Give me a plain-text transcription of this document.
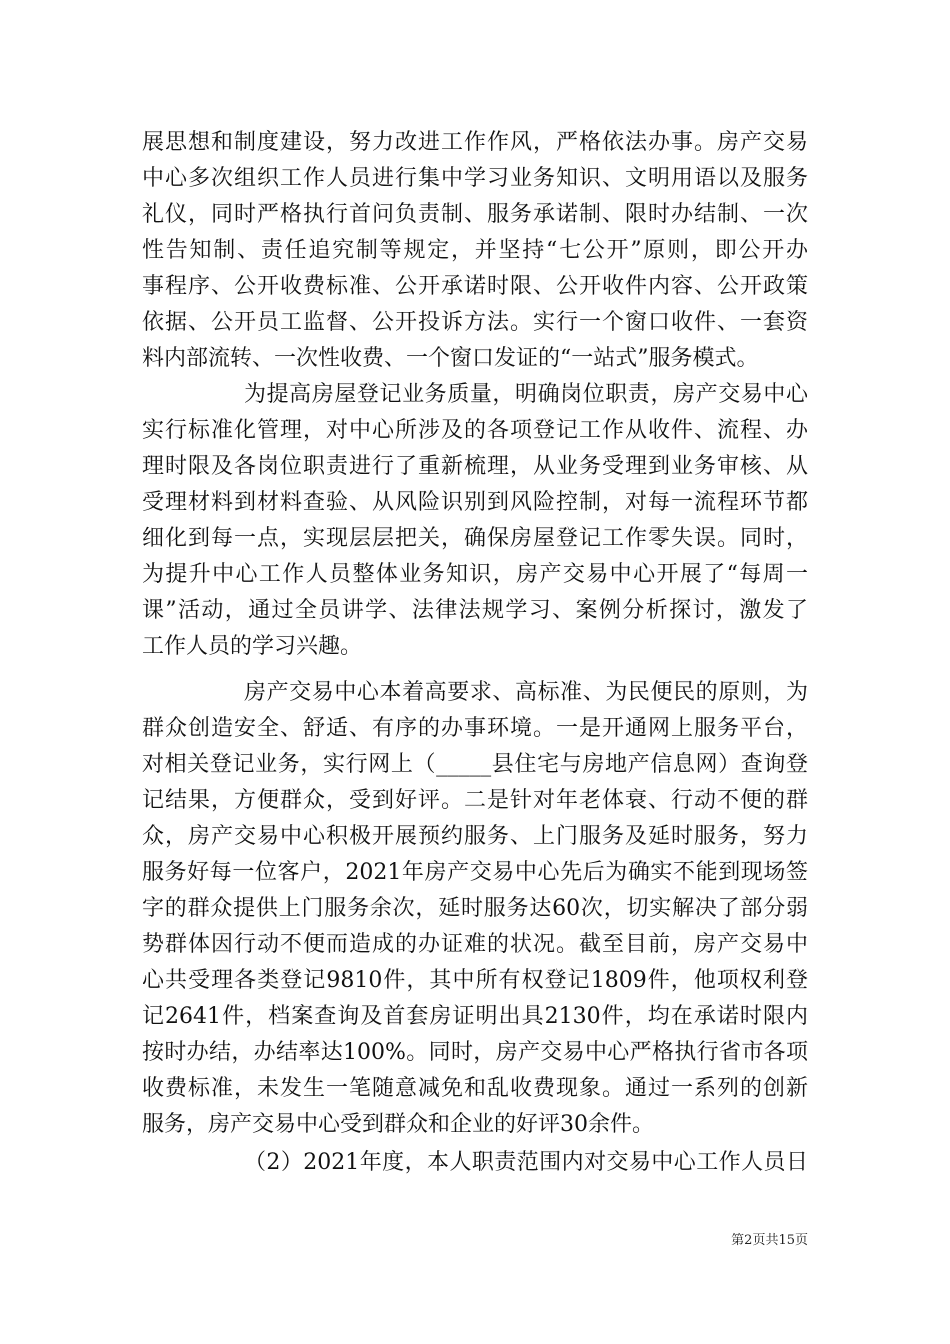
展思想和制度建设，努力改进工作作风，严格依法办事。房产交易
中心多次组织工作人员进行集中学习业务知识、文明用语以及服务
礼仪，同时严格执行首问负责制、服务承诺制、限时办结制、一次
性告知制、责任追究制等规定，并坚持“七公开”原则，即公开办
事程序、公开收费标准、公开承诺时限、公开收件内容、公开政策
依据、公开员工监督、公开投诉方法。实行一个窗口收件、一套资
料内部流转、一次性收费、一个窗口发证的“一站式”服务模式。
为提高房屋登记业务质量，明确岗位职责，房产交易中心
实行标准化管理，对中心所涉及的各项登记工作从收件、流程、办
理时限及各岗位职责进行了重新梳理，从业务受理到业务审核、从
受理材料到材料查验、从风险识别到风险控制，对每一流程环节都
细化到每一点，实现层层把关，确保房屋登记工作零失误。同时，
为提升中心工作人员整体业务知识，房产交易中心开展了“每周一
课”活动，通过全员讲学、法律法规学习、案例分析探讨，激发了
工作人员的学习兴趣。
房产交易中心本着高要求、高标准、为民便民的原则，为
群众创造安全、舒适、有序的办事环境。一是开通网上服务平台，
对相关登记业务，实行网上（_____县住宅与房地产信息网）查询登
记结果，方便群众，受到好评。二是针对年老体衰、行动不便的群
众，房产交易中心积极开展预约服务、上门服务及延时服务，努力
服务好每一位客户，2021年房产交易中心先后为确实不能到现场签
字的群众提供上门服务余次，延时服务达60次，切实解决了部分弱
势群体因行动不便而造成的办证难的状况。截至目前，房产交易中
心共受理各类登记9810件，其中所有权登记1809件，他项权利登
记2641件，档案查询及首套房证明出具2130件，均在承诺时限内
按时办结，办结率达100%。同时，房产交易中心严格执行省市各项
收费标准，未发生一笔随意减免和乱收费现象。通过一系列的创新
服务，房产交易中心受到群众和企业的好评30余件。
（2）2021年度，本人职责范围内对交易中心工作人员日
第2页共15页
